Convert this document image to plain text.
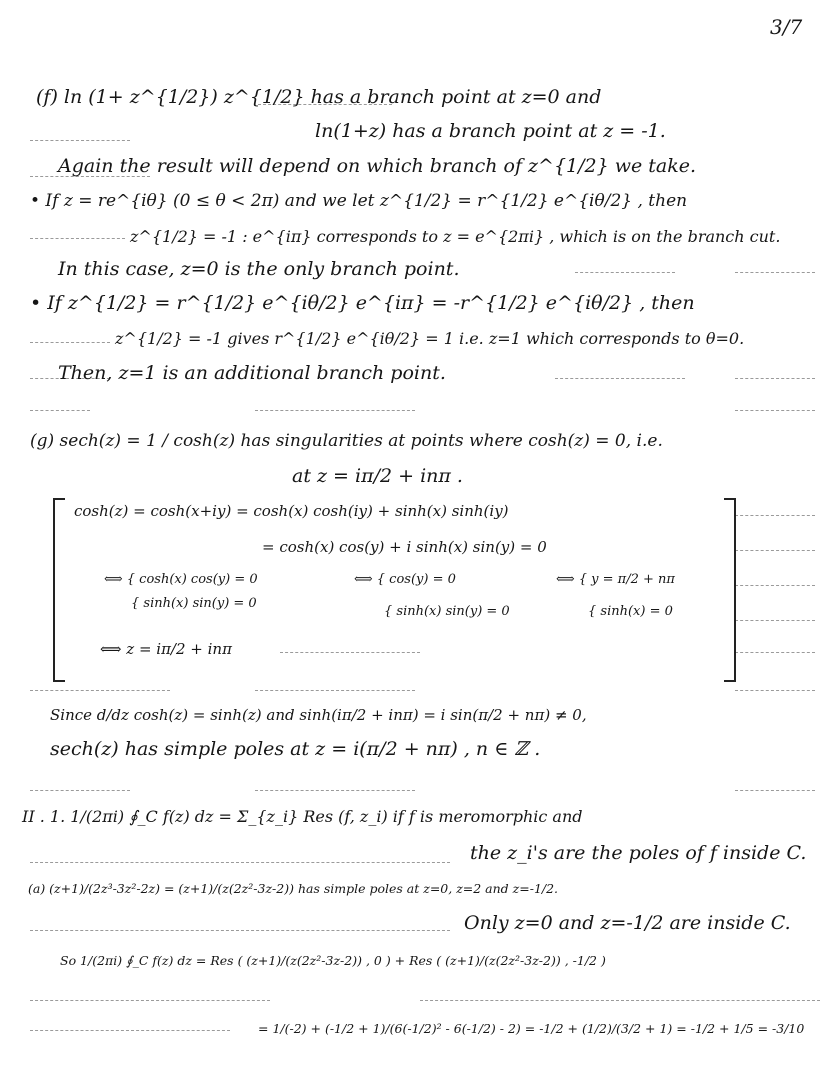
3/7
(f) ln (1+ z^{1/2}) z^{1/2} has a branch point at z=0 and
ln(1+z) has a branch point at z = -1.
Again the result will depend on which branch of z^{1/2} we take.
• If z = re^{iθ} (0 ≤ θ < 2π) and we let z^{1/2} = r^{1/2} e^{iθ/2} , then
z^{1/2} = -1 : e^{iπ} corresponds to z = e^{2πi} , which is on the branch cut.
In this case, z=0 is the only branch point.
• If z^{1/2} = r^{1/2} e^{iθ/2} e^{iπ} = -r^{1/2} e^{iθ/2} , then
z^{1/2} = -1 gives r^{1/2} e^{iθ/2} = 1 i.e. z=1 which corresponds to θ=0.
Then, z=1 is an additional branch point.
(g) sech(z) = 1 / cosh(z) has singularities at points where cosh(z) = 0, i.e.
at z = iπ/2 + inπ .
cosh(z) = cosh(x+iy) = cosh(x) cosh(iy) + sinh(x) sinh(iy)
= cosh(x) cos(y) + i sinh(x) sin(y) = 0
⟺ { cosh(x) cos(y) = 0
{ sinh(x) sin(y) = 0
⟺ { cos(y) = 0
{ sinh(x) sin(y) = 0
⟺ { y = π/2 + nπ
{ sinh(x) = 0
⟺ z = iπ/2 + inπ
Since d/dz cosh(z) = sinh(z) and sinh(iπ/2 + inπ) = i sin(π/2 + nπ) ≠ 0,
sech(z) has simple poles at z = i(π/2 + nπ) , n ∈ ℤ .
II . 1. 1/(2πi) ∮_C f(z) dz = Σ_{z_i} Res (f, z_i) if f is meromorphic and
the z_i's are the poles of f inside C.
(a) (z+1)/(2z³-3z²-2z) = (z+1)/(z(2z²-3z-2)) has simple poles at z=0, z=2 and z=-1/2.
Only z=0 and z=-1/2 are inside C.
So 1/(2πi) ∮_C f(z) dz = Res ( (z+1)/(z(2z²-3z-2)) , 0 ) + Res ( (z+1)/(z(2z²-3z-2)) , -1/2 )
= 1/(-2) + (-1/2 + 1)/(6(-1/2)² - 6(-1/2) - 2) = -1/2 + (1/2)/(3/2 + 1) = -1/2 + 1/5 = -3/10
